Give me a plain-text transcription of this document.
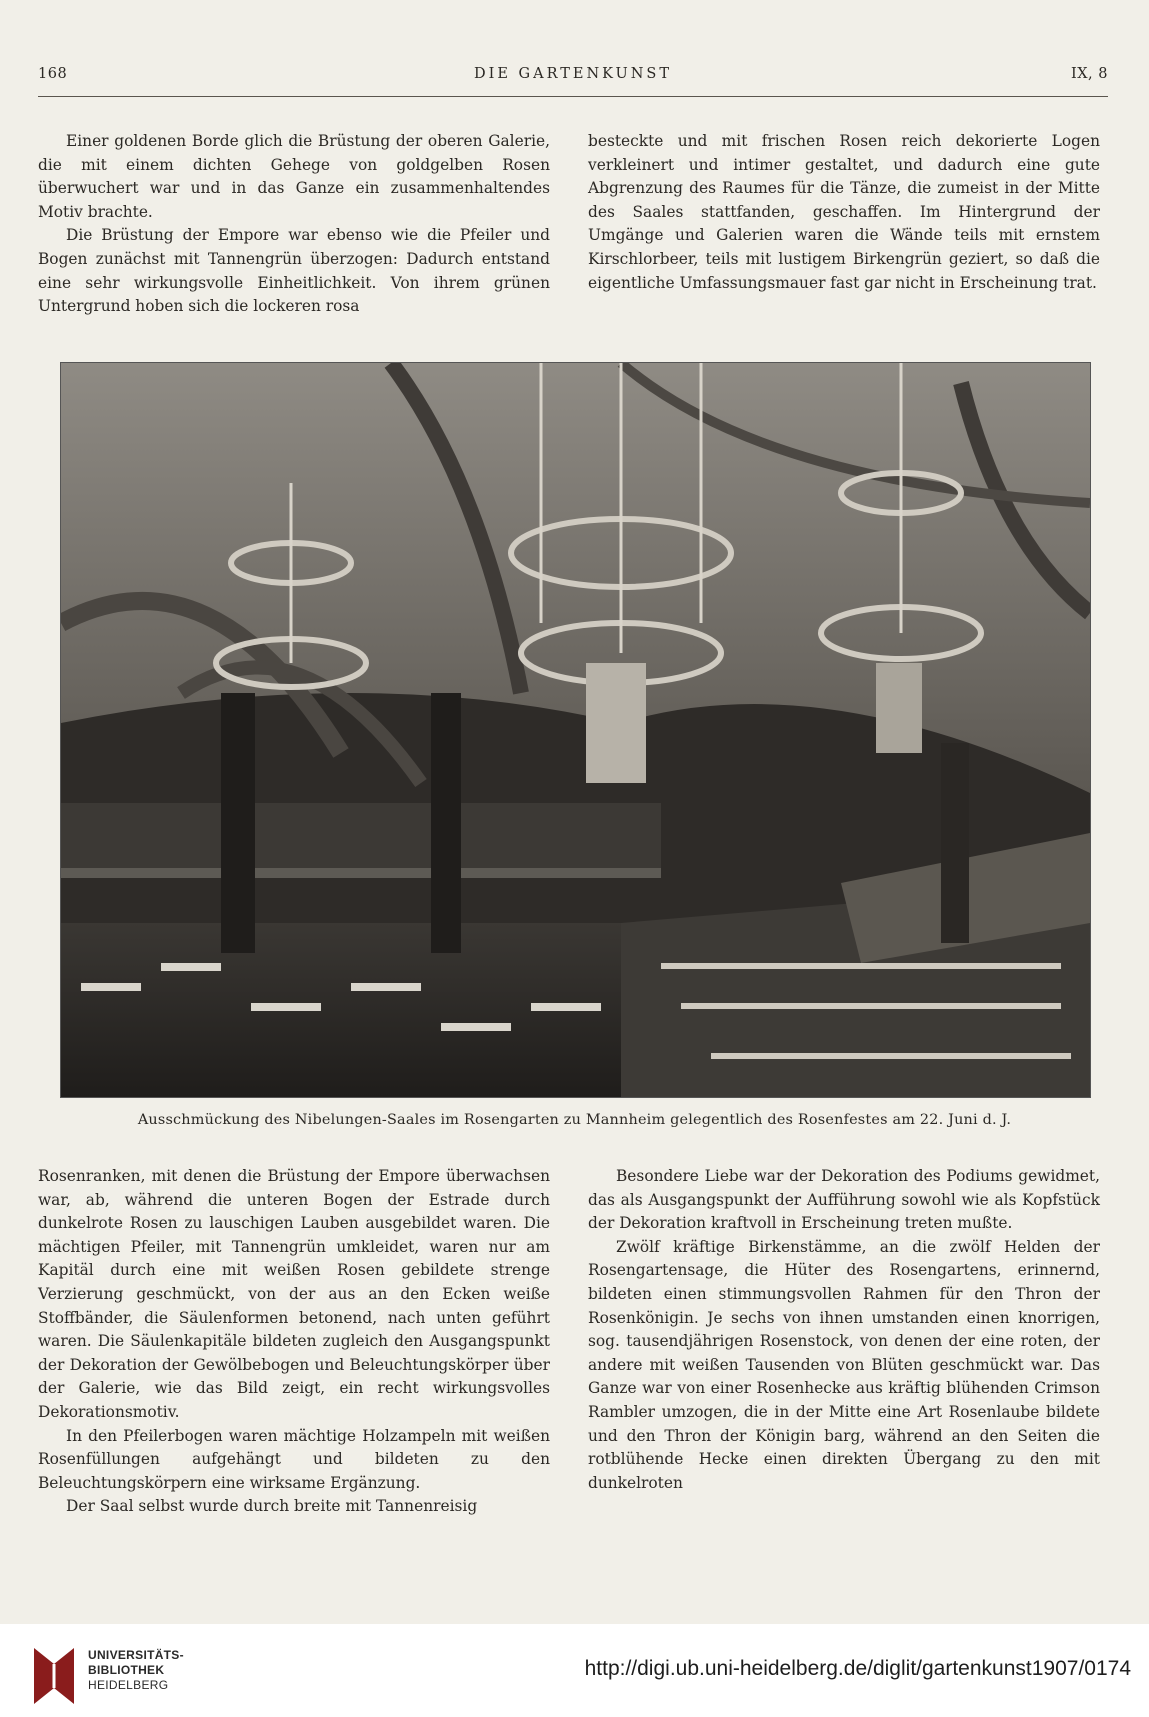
168	DIE GARTENKUNST	IX, 8

Einer goldenen Borde glich die Brüstung der oberen Galerie, die mit einem dichten Gehege von goldgelben Rosen überwuchert war und in das Ganze ein zusammenhaltendes Motiv brachte.

Die Brüstung der Empore war ebenso wie die Pfeiler und Bogen zunächst mit Tannengrün überzogen: Dadurch entstand eine sehr wirkungsvolle Einheitlichkeit. Von ihrem grünen Untergrund hoben sich die lockeren rosa

besteckte und mit frischen Rosen reich dekorierte Logen verkleinert und intimer gestaltet, und dadurch eine gute Abgrenzung des Raumes für die Tänze, die zumeist in der Mitte des Saales stattfanden, geschaffen. Im Hintergrund der Umgänge und Galerien waren die Wände teils mit ernstem Kirschlorbeer, teils mit lustigem Birkengrün geziert, so daß die eigentliche Umfassungsmauer fast gar nicht in Erscheinung trat.

Ausschmückung des Nibelungen-Saales im Rosengarten zu Mannheim gelegentlich des Rosenfestes am 22. Juni d. J.

Rosenranken, mit denen die Brüstung der Empore überwachsen war, ab, während die unteren Bogen der Estrade durch dunkelrote Rosen zu lauschigen Lauben ausgebildet waren. Die mächtigen Pfeiler, mit Tannengrün umkleidet, waren nur am Kapitäl durch eine mit weißen Rosen gebildete strenge Verzierung geschmückt, von der aus an den Ecken weiße Stoffbänder, die Säulenformen betonend, nach unten geführt waren. Die Säulenkapitäle bildeten zugleich den Ausgangspunkt der Dekoration der Gewölbebogen und Beleuchtungskörper über der Galerie, wie das Bild zeigt, ein recht wirkungsvolles Dekorationsmotiv.

In den Pfeilerbogen waren mächtige Holzampeln mit weißen Rosenfüllungen aufgehängt und bildeten zu den Beleuchtungskörpern eine wirksame Ergänzung.

Der Saal selbst wurde durch breite mit Tannenreisig

Besondere Liebe war der Dekoration des Podiums gewidmet, das als Ausgangspunkt der Aufführung sowohl wie als Kopfstück der Dekoration kraftvoll in Erscheinung treten mußte.

Zwölf kräftige Birkenstämme, an die zwölf Helden der Rosengartensage, die Hüter des Rosengartens, erinnernd, bildeten einen stimmungsvollen Rahmen für den Thron der Rosenkönigin. Je sechs von ihnen umstanden einen knorrigen, sog. tausendjährigen Rosenstock, von denen der eine roten, der andere mit weißen Tausenden von Blüten geschmückt war. Das Ganze war von einer Rosenhecke aus kräftig blühenden Crimson Rambler umzogen, die in der Mitte eine Art Rosenlaube bildete und den Thron der Königin barg, während an den Seiten die rotblühende Hecke einen direkten Übergang zu den mit dunkelroten

UNIVERSITÄTS-
BIBLIOTHEK
HEIDELBERG
http://digi.ub.uni-heidelberg.de/diglit/gartenkunst1907/0174
